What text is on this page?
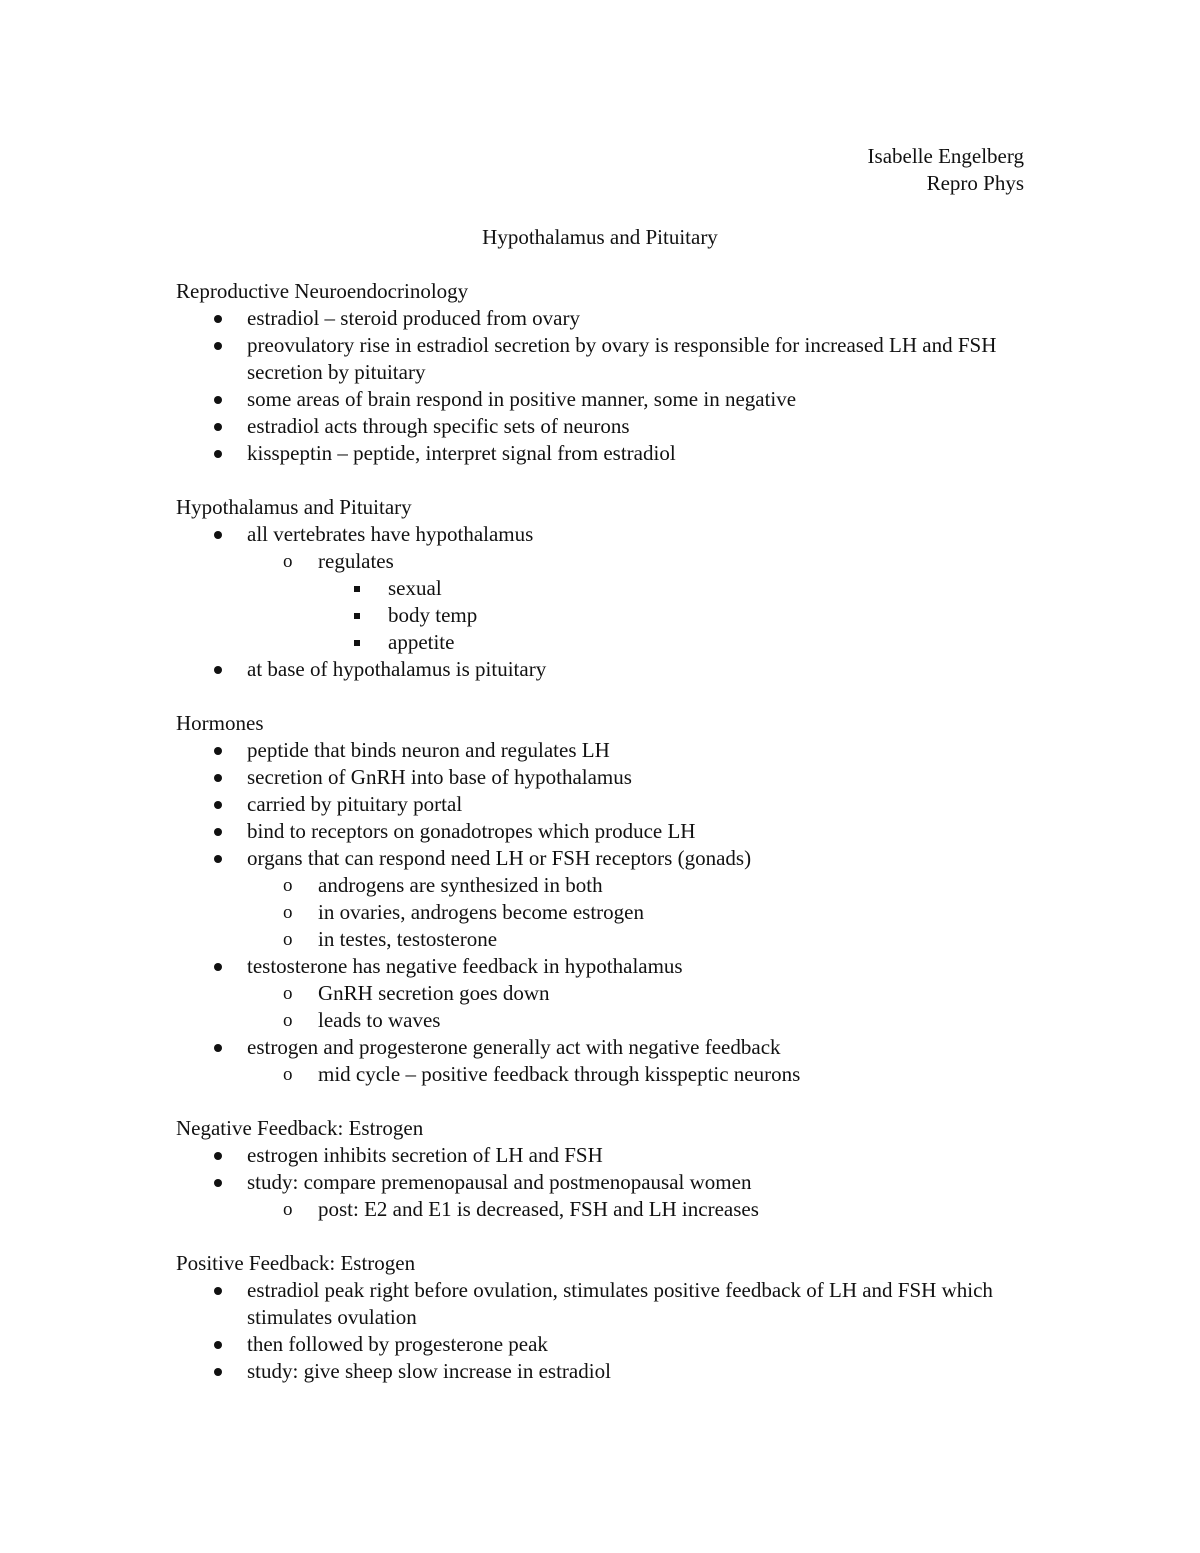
Isabelle Engelberg
Repro Phys
Hypothalamus and Pituitary
Reproductive Neuroendocrinology
estradiol – steroid produced from ovary
preovulatory rise in estradiol secretion by ovary is responsible for increased LH and FSH secretion by pituitary
some areas of brain respond in positive manner, some in negative
estradiol acts through specific sets of neurons
kisspeptin – peptide, interpret signal from estradiol
Hypothalamus and Pituitary
all vertebrates have hypothalamus
o regulates
sexual
body temp
appetite
at base of hypothalamus is pituitary
Hormones
peptide that binds neuron and regulates LH
secretion of GnRH into base of hypothalamus
carried by pituitary portal
bind to receptors on gonadotropes which produce LH
organs that can respond need LH or FSH receptors (gonads)
o androgens are synthesized in both
o in ovaries, androgens become estrogen
o in testes, testosterone
testosterone has negative feedback in hypothalamus
o GnRH secretion goes down
o leads to waves
estrogen and progesterone generally act with negative feedback
o mid cycle – positive feedback through kisspeptic neurons
Negative Feedback: Estrogen
estrogen inhibits secretion of LH and FSH
study: compare premenopausal and postmenopausal women
o post: E2 and E1 is decreased, FSH and LH increases
Positive Feedback: Estrogen
estradiol peak right before ovulation, stimulates positive feedback of LH and FSH which stimulates ovulation
then followed by progesterone peak
study: give sheep slow increase in estradiol
